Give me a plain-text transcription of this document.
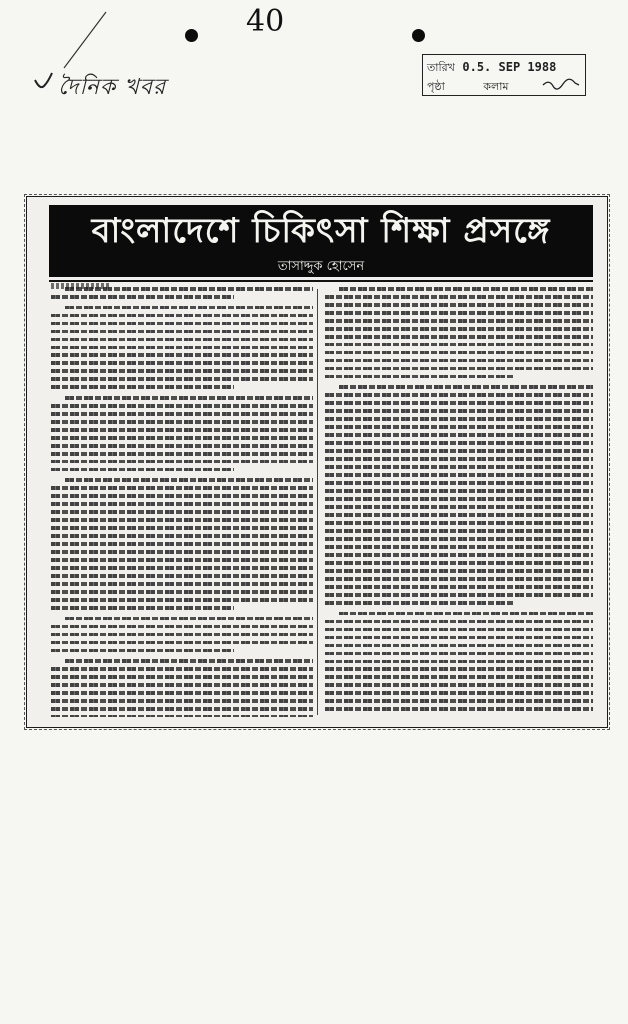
40
দৈনিক খবর
তারিখ 0.5. SEP 1988
পৃষ্ঠা	কলাম
বাংলাদেশে চিকিৎসা শিক্ষা প্রসঙ্গে
তাসাদ্দুক হোসেন
